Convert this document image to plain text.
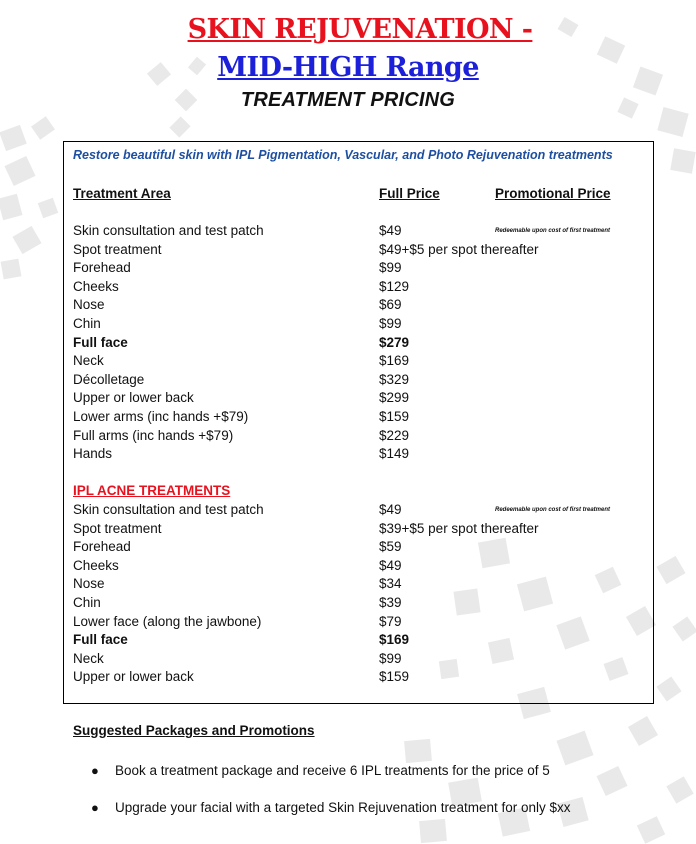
SKIN REJUVENATION -
MID-HIGH Range
TREATMENT PRICING
Restore beautiful skin with IPL Pigmentation, Vascular, and Photo Rejuvenation treatments
Treatment Area	Full Price	Promotional Price
Skin consultation and test patch	$49	Redeemable upon cost of first treatment
Spot treatment	$49+$5 per spot thereafter
Forehead	$99
Cheeks	$129
Nose	$69
Chin	$99
Full face	$279
Neck	$169
Décolletage	$329
Upper or lower back	$299
Lower arms (inc hands +$79)	$159
Full arms (inc hands +$79)	$229
Hands	$149
IPL ACNE TREATMENTS
Skin consultation and test patch	$49	Redeemable upon cost of first treatment
Spot treatment	$39+$5 per spot thereafter
Forehead	$59
Cheeks	$49
Nose	$34
Chin	$39
Lower face (along the jawbone)	$79
Full face	$169
Neck	$99
Upper or lower back	$159
Suggested Packages and Promotions
● Book a treatment package and receive 6 IPL treatments for the price of 5
● Upgrade your facial with a targeted Skin Rejuvenation treatment for only $xx
